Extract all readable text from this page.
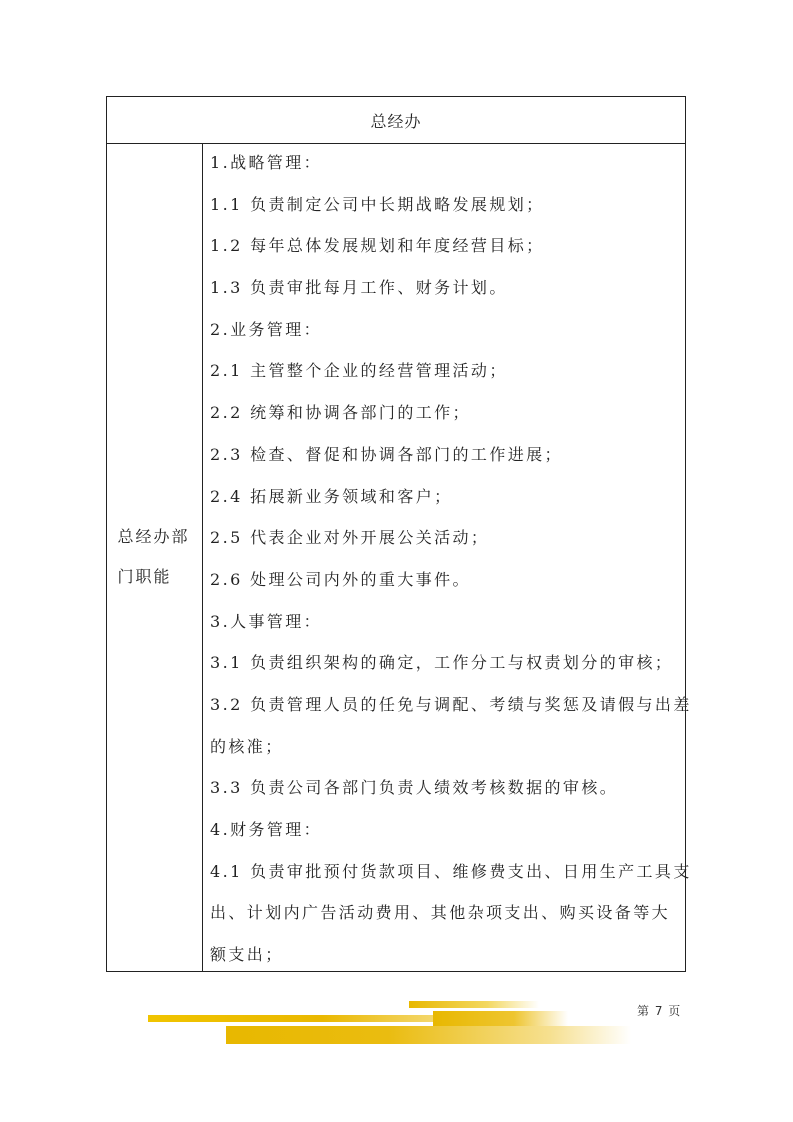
总经办
总经办部门职能
1.战略管理：
1.1 负责制定公司中长期战略发展规划；
1.2 每年总体发展规划和年度经营目标；
1.3 负责审批每月工作、财务计划。
2.业务管理：
2.1 主管整个企业的经营管理活动；
2.2 统筹和协调各部门的工作；
2.3 检查、督促和协调各部门的工作进展；
2.4 拓展新业务领域和客户；
2.5 代表企业对外开展公关活动；
2.6 处理公司内外的重大事件。
3.人事管理：
3.1 负责组织架构的确定，工作分工与权责划分的审核；
3.2 负责管理人员的任免与调配、考绩与奖惩及请假与出差
的核准；
3.3 负责公司各部门负责人绩效考核数据的审核。
4.财务管理：
4.1 负责审批预付货款项目、维修费支出、日用生产工具支
出、计划内广告活动费用、其他杂项支出、购买设备等大
额支出；
第 7 页
